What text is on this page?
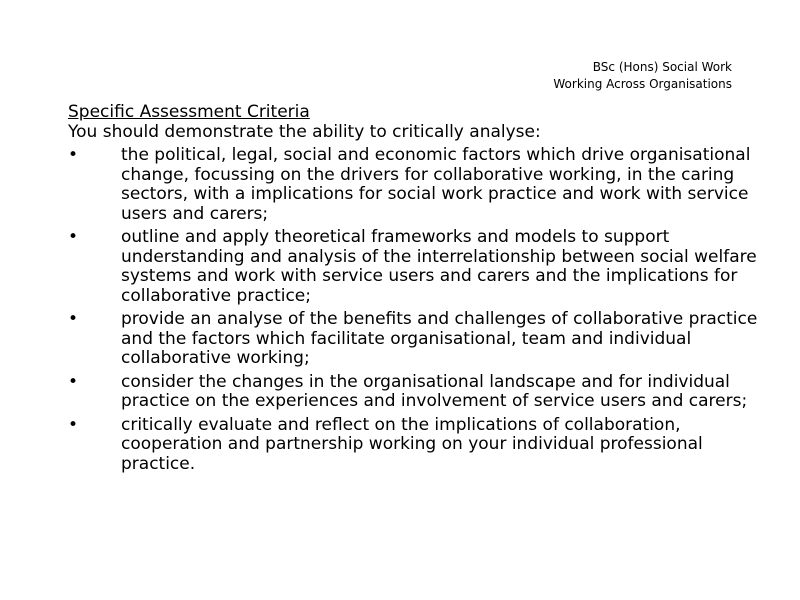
BSc (Hons) Social Work
Working Across Organisations
Specific Assessment Criteria
You should demonstrate the ability to critically analyse:
•	the political, legal, social and economic factors which drive organisational change, focussing on the drivers for collaborative working, in the caring sectors, with a implications for social work practice and work with service users and carers;
•	outline and apply theoretical frameworks and models to support understanding and analysis of the interrelationship between social welfare systems and work with service users and carers and the implications for collaborative practice;
•	provide an analyse of the benefits and challenges of collaborative practice and the factors which facilitate organisational, team and individual collaborative working;
•	consider the changes in the organisational landscape and for individual practice on the experiences and involvement of service users and carers;
•	critically evaluate and reflect on the implications of collaboration, cooperation and partnership working on your individual professional practice.
